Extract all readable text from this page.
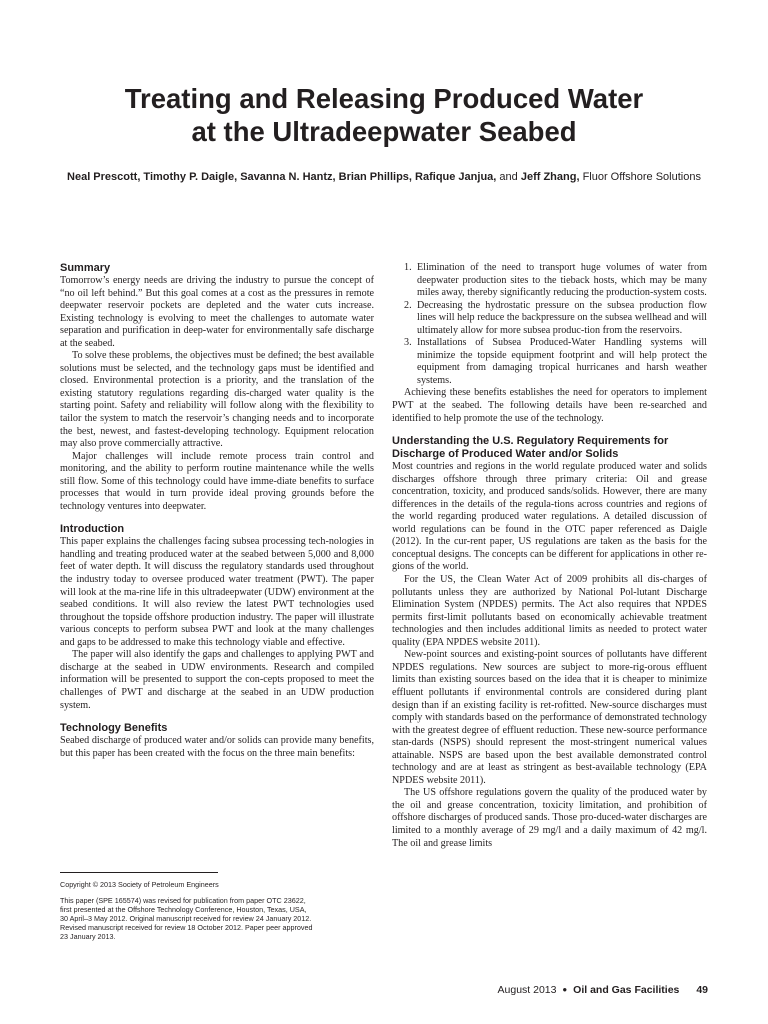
Treating and Releasing Produced Water
at the Ultradeepwater Seabed
Neal Prescott, Timothy P. Daigle, Savanna N. Hantz, Brian Phillips, Rafique Janjua, and Jeff Zhang, Fluor Offshore Solutions
Summary

Tomorrow’s energy needs are driving the industry to pursue the concept of “no oil left behind.” But this goal comes at a cost as the pressures in remote deepwater reservoir pockets are depleted and the water cuts increase. Existing technology is evolving to meet the challenges to automate water separation and purification in deep-water for environmentally safe discharge at the seabed.

To solve these problems, the objectives must be defined; the best available solutions must be selected, and the technology gaps must be identified and closed. Environmental protection is a priority, and the translation of the existing statutory regulations regarding dis-charged water quality is the starting point. Safety and reliability will follow along with the flexibility to tailor the system to match the reservoir’s changing needs and to incorporate the best, newest, and fastest-developing technology. Equipment relocation may also prove commercially attractive.

Major challenges will include remote process train control and monitoring, and the ability to perform routine maintenance while the wells still flow. Some of this technology could have imme-diate benefits to surface processes that would in turn provide ideal proving grounds before the technology ventures into deepwater.

Introduction

This paper explains the challenges facing subsea processing tech-nologies in handling and treating produced water at the seabed between 5,000 and 8,000 feet of water depth. It will discuss the regulatory standards used throughout the industry today to oversee produced water treatment (PWT). The paper will look at the ma-rine life in this ultradeepwater (UDW) environment at the seabed conditions. It will also review the latest PWT technologies used throughout the topside offshore production industry. The paper will illustrate various concepts to perform subsea PWT and look at the many challenges and gaps to be addressed to make this technology viable and effective.

The paper will also identify the gaps and challenges to applying PWT and discharge at the seabed in UDW environments. Research and compiled information will be presented to support the con-cepts proposed to meet the challenges of PWT and discharge at the seabed in an UDW production system.

Technology Benefits

Seabed discharge of produced water and/or solids can provide many benefits, but this paper has been created with the focus on the three main benefits:

Copyright © 2013 Society of Petroleum Engineers
This paper (SPE 165574) was revised for publication from paper OTC 23622,
first presented at the Offshore Technology Conference, Houston, Texas, USA,
30 April–3 May 2012. Original manuscript received for review 24 January 2012.
Revised manuscript received for review 18 October 2012. Paper peer approved
23 January 2013.
1. Elimination of the need to transport huge volumes of water from deepwater production sites to the tieback hosts, which may be many miles away, thereby significantly reducing the production-system costs.
2. Decreasing the hydrostatic pressure on the subsea production flow lines will help reduce the backpressure on the subsea wellhead and will ultimately allow for more subsea produc-tion from the reservoirs.
3. Installations of Subsea Produced-Water Handling systems will minimize the topside equipment footprint and will help protect the equipment from damaging tropical hurricanes and harsh weather systems.

Achieving these benefits establishes the need for operators to implement PWT at the seabed. The following details have been re-searched and identified to help promote the use of the technology.

Understanding the U.S. Regulatory Requirements for
Discharge of Produced Water and/or Solids

Most countries and regions in the world regulate produced water and solids discharges offshore through three primary criteria: Oil and grease concentration, toxicity, and produced sands/solids. However, there are many differences in the details of the regula-tions across countries and regions of the world regarding produced water regulations. A detailed discussion of world regulations can be found in the OTC paper referenced as Daigle (2012). In the cur-rent paper, US regulations are taken as the basis for the conceptual designs. The concepts can be different for applications in other re-gions of the world.

For the US, the Clean Water Act of 2009 prohibits all dis-charges of pollutants unless they are authorized by National Pol-lutant Discharge Elimination System (NPDES) permits. The Act also requires that NPDES permits first-limit pollutants based on economically achievable treatment technologies and then includes additional limits as needed to protect water quality (EPA NPDES website 2011).

New-point sources and existing-point sources of pollutants have different NPDES regulations. New sources are subject to more-rig-orous effluent limits than existing sources based on the idea that it is cheaper to minimize effluent pollutants if environmental controls are considered during plant design than if an existing facility is ret-rofitted. New-source discharges must comply with standards based on the performance of demonstrated technology with the greatest degree of effluent reduction. These new-source performance stan-dards (NSPS) should represent the most-stringent numerical values attainable. NSPS are based upon the best available demonstrated control technology and are at least as stringent as best-available technology (EPA NPDES website 2011).

The US offshore regulations govern the quality of the produced water by the oil and grease concentration, toxicity limitation, and prohibition of offshore discharges of produced sands. Those pro-duced-water discharges are limited to a monthly average of 29 mg/l and a daily maximum of 42 mg/l. The oil and grease limits

August 2013 ● Oil and Gas Facilities 49
